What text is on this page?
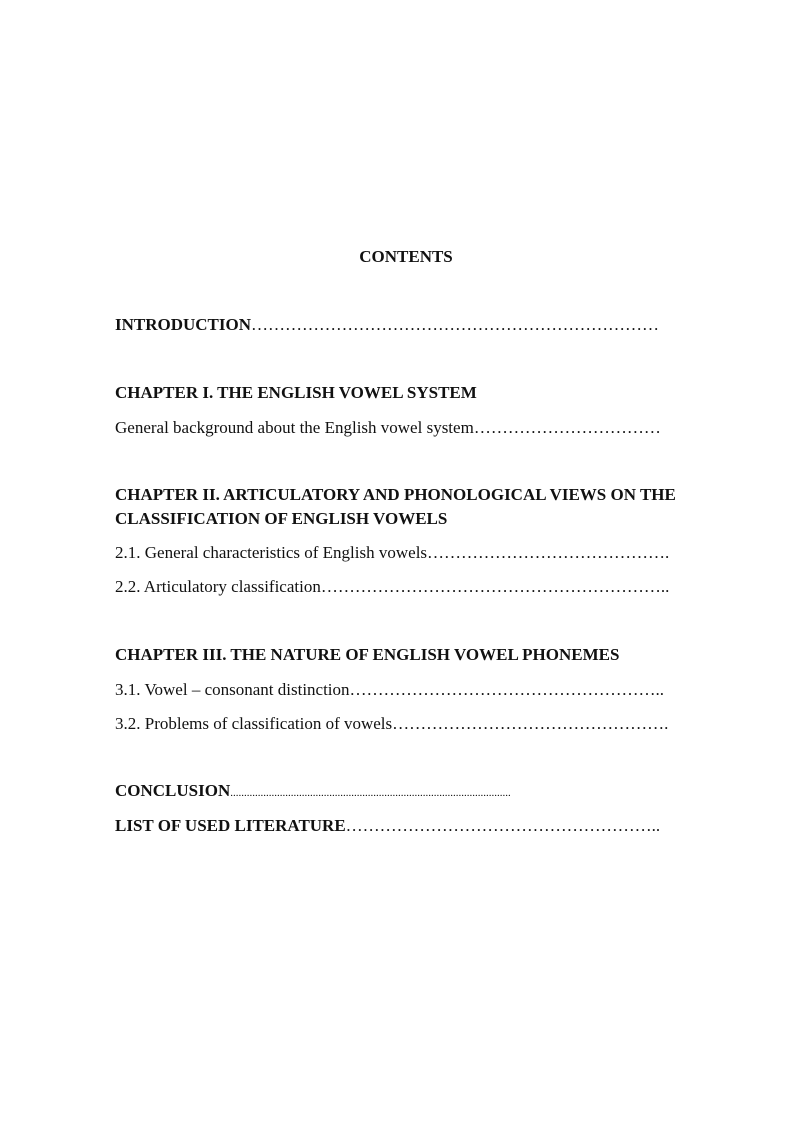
CONTENTS

INTRODUCTION………………………………………………………………

CHAPTER I. THE ENGLISH VOWEL SYSTEM

General background about the English vowel system……………………………

CHAPTER II. ARTICULATORY AND PHONOLOGICAL VIEWS ON THE

CLASSIFICATION OF ENGLISH VOWELS

2.1. General characteristics of English vowels…………………………………….

2.2. Articulatory classification……………………………………………………..

CHAPTER III. THE NATURE OF ENGLISH VOWEL PHONEMES

3.1. Vowel – consonant distinction………………………………………………..

3.2. Problems of classification of vowels………………………………………….

CONCLUSION......................................................................................................

LIST OF USED LITERATURE………………………………………………..
